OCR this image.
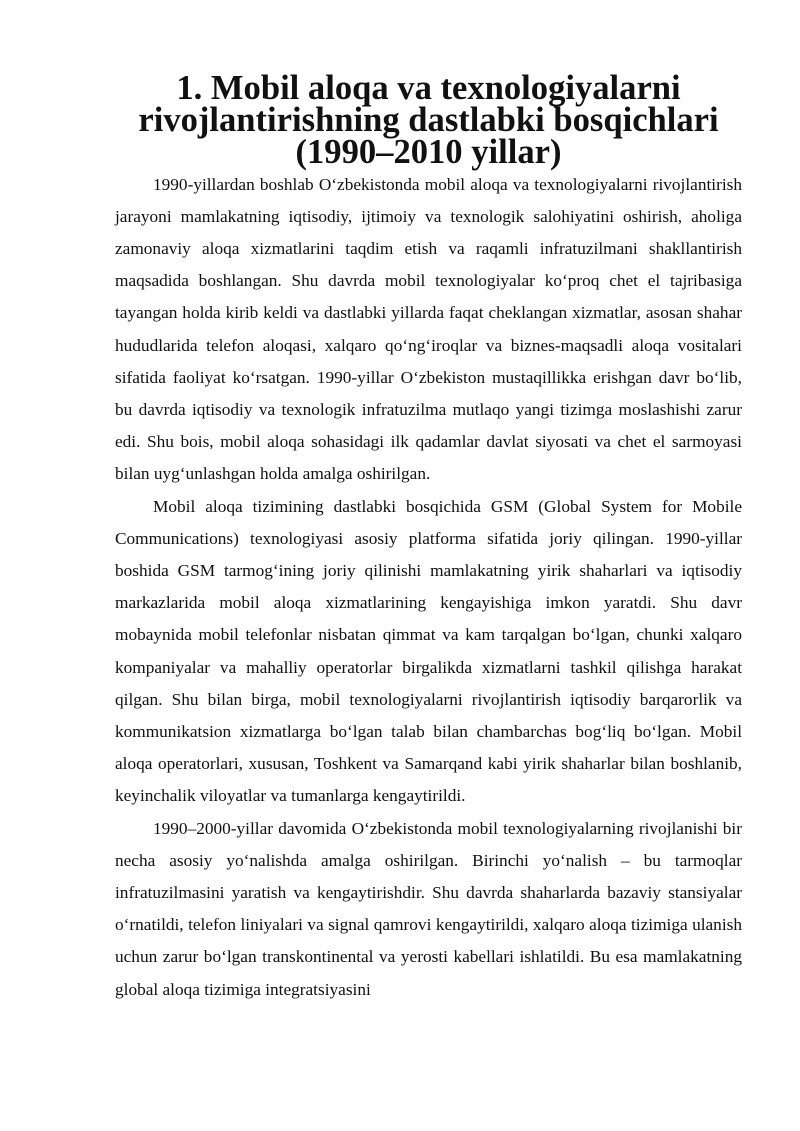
1. Mobil aloqa va texnologiyalarni rivojlantirishning dastlabki bosqichlari
(1990–2010 yillar)

1990-yillardan boshlab O‘zbekistonda mobil aloqa va texnologiyalarni rivojlantirish jarayoni mamlakatning iqtisodiy, ijtimoiy va texnologik salohiyatini oshirish, aholiga zamonaviy aloqa xizmatlarini taqdim etish va raqamli infratuzilmani shakllantirish maqsadida boshlangan. Shu davrda mobil texnologiyalar ko‘proq chet el tajribasiga tayangan holda kirib keldi va dastlabki yillarda faqat cheklangan xizmatlar, asosan shahar hududlarida telefon aloqasi, xalqaro qo‘ng‘iroqlar va biznes-maqsadli aloqa vositalari sifatida faoliyat ko‘rsatgan. 1990-yillar O‘zbekiston mustaqillikka erishgan davr bo‘lib, bu davrda iqtisodiy va texnologik infratuzilma mutlaqo yangi tizimga moslashishi zarur edi. Shu bois, mobil aloqa sohasidagi ilk qadamlar davlat siyosati va chet el sarmoyasi bilan uyg‘unlashgan holda amalga oshirilgan.

Mobil aloqa tizimining dastlabki bosqichida GSM (Global System for Mobile Communications) texnologiyasi asosiy platforma sifatida joriy qilingan. 1990-yillar boshida GSM tarmog‘ining joriy qilinishi mamlakatning yirik shaharlari va iqtisodiy markazlarida mobil aloqa xizmatlarining kengayishiga imkon yaratdi. Shu davr mobaynida mobil telefonlar nisbatan qimmat va kam tarqalgan bo‘lgan, chunki xalqaro kompaniyalar va mahalliy operatorlar birgalikda xizmatlarni tashkil qilishga harakat qilgan. Shu bilan birga, mobil texnologiyalarni rivojlantirish iqtisodiy barqarorlik va kommunikatsion xizmatlarga bo‘lgan talab bilan chambarchas bog‘liq bo‘lgan. Mobil aloqa operatorlari, xususan, Toshkent va Samarqand kabi yirik shaharlar bilan boshlanib, keyinchalik viloyatlar va tumanlarga kengaytirildi.

1990–2000-yillar davomida O‘zbekistonda mobil texnologiyalarning rivojlanishi bir necha asosiy yo‘nalishda amalga oshirilgan. Birinchi yo‘nalish – bu tarmoqlar infratuzilmasini yaratish va kengaytirishdir. Shu davrda shaharlarda bazaviy stansiyalar o‘rnatildi, telefon liniyalari va signal qamrovi kengaytirildi, xalqaro aloqa tizimiga ulanish uchun zarur bo‘lgan transkontinental va yerosti kabellari ishlatildi. Bu esa mamlakatning global aloqa tizimiga integratsiyasini
